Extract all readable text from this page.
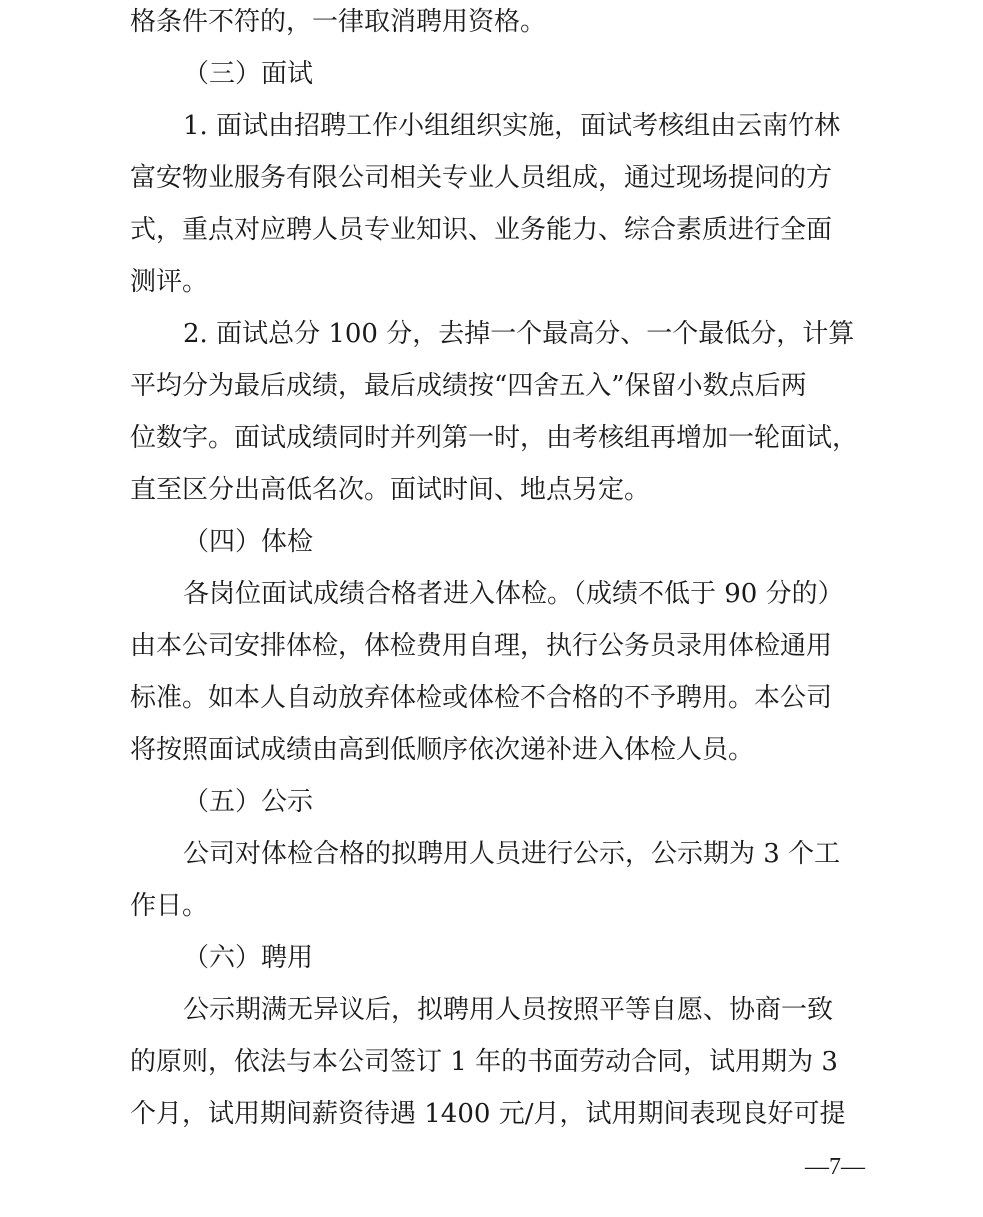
格条件不符的，一律取消聘用资格。
（三）面试
1. 面试由招聘工作小组组织实施，面试考核组由云南竹林
富安物业服务有限公司相关专业人员组成，通过现场提问的方
式，重点对应聘人员专业知识、业务能力、综合素质进行全面
测评。
2. 面试总分 100 分，去掉一个最高分、一个最低分，计算
平均分为最后成绩，最后成绩按“四舍五入”保留小数点后两
位数字。面试成绩同时并列第一时，由考核组再增加一轮面试，
直至区分出高低名次。面试时间、地点另定。
（四）体检
各岗位面试成绩合格者进入体检。（成绩不低于 90 分的）
由本公司安排体检，体检费用自理，执行公务员录用体检通用
标准。如本人自动放弃体检或体检不合格的不予聘用。本公司
将按照面试成绩由高到低顺序依次递补进入体检人员。
（五）公示
公司对体检合格的拟聘用人员进行公示，公示期为 3 个工
作日。
（六）聘用
公示期满无异议后，拟聘用人员按照平等自愿、协商一致
的原则，依法与本公司签订 1 年的书面劳动合同，试用期为 3
个月，试用期间薪资待遇 1400 元/月，试用期间表现良好可提
—7—
